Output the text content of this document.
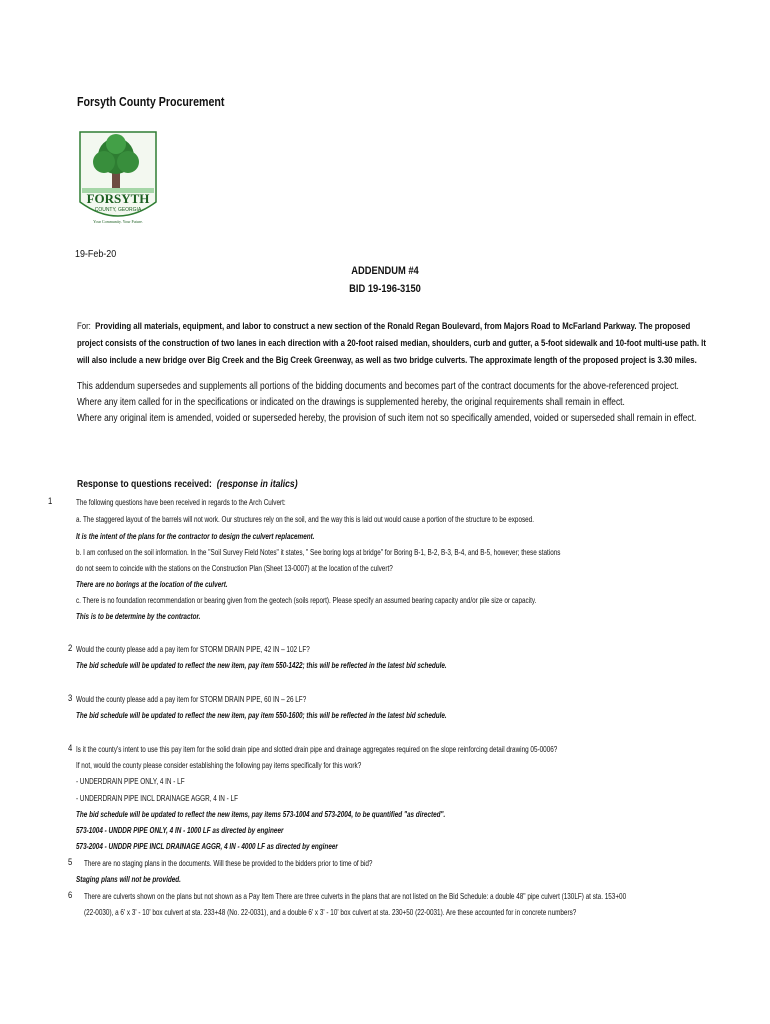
Forsyth County Procurement
FORSYTH
COUNTY, GEORGIA
Your Community. Your Future.
19-Feb-20
ADDENDUM #4
BID 19-196-3150
For: Providing all materials, equipment, and labor to construct a new section of the Ronald Regan Boulevard, from Majors Road to McFarland Parkway. The proposed
project consists of the construction of two lanes in each direction with a 20-foot raised median, shoulders, curb and gutter, a 5-foot sidewalk and 10-foot multi-use path. It
will also include a new bridge over Big Creek and the Big Creek Greenway, as well as two bridge culverts. The approximate length of the proposed project is 3.30 miles.
This addendum supersedes and supplements all portions of the bidding documents and becomes part of the contract documents for the above-referenced project.
Where any item called for in the specifications or indicated on the drawings is supplemented hereby, the original requirements shall remain in effect.
Where any original item is amended, voided or superseded hereby, the provision of such item not so specifically amended, voided or superseded shall remain in effect.
Response to questions received: (response in italics)
1	The following questions have been received in regards to the Arch Culvert:
a. The staggered layout of the barrels will not work. Our structures rely on the soil, and the way this is laid out would cause a portion of the structure to be exposed.
It is the intent of the plans for the contractor to design the culvert replacement.
b. I am confused on the soil information. In the "Soil Survey Field Notes" it states, " See boring logs at bridge" for Boring B-1, B-2, B-3, B-4, and B-5, however; these stations
do not seem to coincide with the stations on the Construction Plan (Sheet 13-0007) at the location of the culvert?
There are no borings at the location of the culvert.
c. There is no foundation recommendation or bearing given from the geotech (soils report). Please specify an assumed bearing capacity and/or pile size or capacity.
This is to be determine by the contractor.
2 Would the county please add a pay item for STORM DRAIN PIPE, 42 IN – 102 LF?
The bid schedule will be updated to reflect the new item, pay item 550-1422; this will be reflected in the latest bid schedule.
3 Would the county please add a pay item for STORM DRAIN PIPE, 60 IN – 26 LF?
The bid schedule will be updated to reflect the new item, pay item 550-1600; this will be reflected in the latest bid schedule.
4 Is it the county's intent to use this pay item for the solid drain pipe and slotted drain pipe and drainage aggregates required on the slope reinforcing detail drawing 05-0006?
If not, would the county please consider establishing the following pay items specifically for this work?
- UNDERDRAIN PIPE ONLY, 4 IN - LF
- UNDERDRAIN PIPE INCL DRAINAGE AGGR, 4 IN - LF
The bid schedule will be updated to reflect the new items, pay items 573-1004 and 573-2004, to be quantified "as directed".
573-1004 - UNDDR PIPE ONLY, 4 IN - 1000 LF as directed by engineer
573-2004 - UNDDR PIPE INCL DRAINAGE AGGR, 4 IN - 4000 LF as directed by engineer
5 There are no staging plans in the documents. Will these be provided to the bidders prior to time of bid?
Staging plans will not be provided.
6 There are culverts shown on the plans but not shown as a Pay Item There are three culverts in the plans that are not listed on the Bid Schedule: a double 48" pipe culvert (130LF) at sta. 153+00
(22-0030), a 6' x 3' - 10' box culvert at sta. 233+48 (No. 22-0031), and a double 6' x 3' - 10' box culvert at sta. 230+50 (22-0031). Are these accounted for in concrete numbers?
